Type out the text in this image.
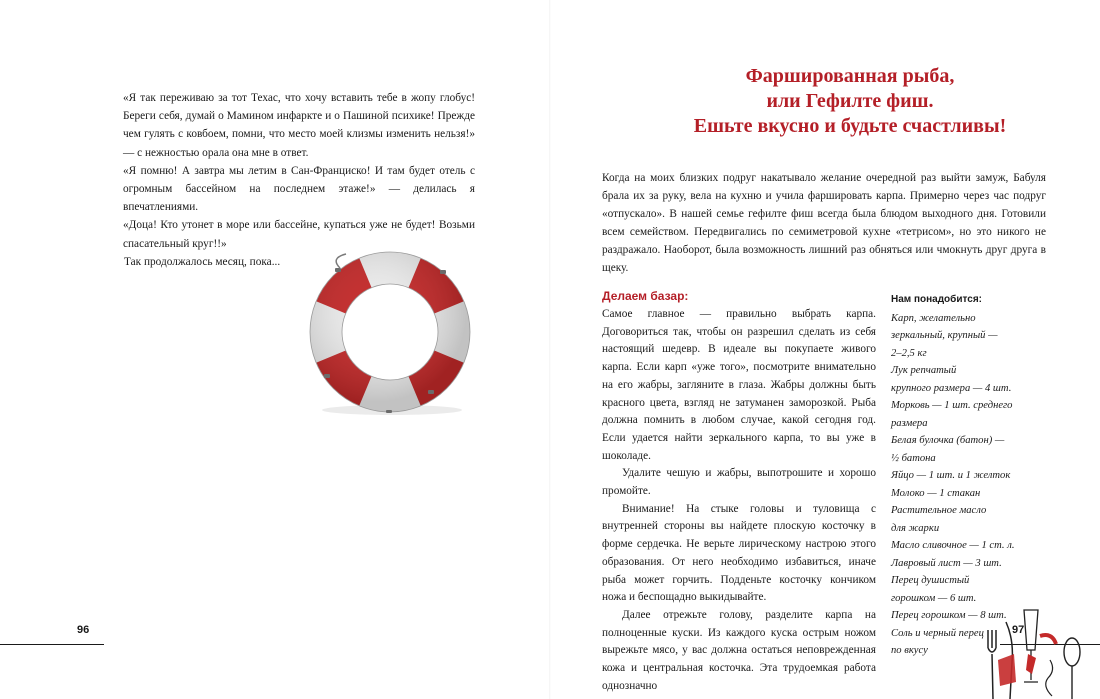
«Я так переживаю за тот Техас, что хочу вставить тебе в жопу глобус! Береги себя, думай о Мамином инфаркте и о Пашиной психике! Прежде чем гулять с ковбоем, помни, что место моей клизмы изменить нельзя!» — с нежностью орала она мне в ответ.

«Я помню! А завтра мы летим в Сан-Франциско! И там будет отель с огромным бассейном на последнем этаже!» — делилась я впечатлениями.

«Доца! Кто утонет в море или бассейне, купаться уже не будет! Возьми спасательный круг!!»

Так продолжалось месяц, пока...

96
Фаршированная рыба,
или Гефилте фиш.
Ешьте вкусно и будьте счастливы!

Когда на моих близких подруг накатывало желание очередной раз выйти замуж, Бабуля брала их за руку, вела на кухню и учила фаршировать карпа. Примерно через час подруг «отпускало». В нашей семье гефилте фиш всегда была блюдом выходного дня. Готовили всем семейством. Передвигались по семиметровой кухне «тетрисом», но это никого не раздражало. Наоборот, была возможность лишний раз обняться или чмокнуть друг друга в щеку.

Делаем базар:

Самое главное — правильно выбрать карпа. Договориться так, чтобы он разрешил сделать из себя настоящий шедевр. В идеале вы покупаете живого карпа. Если карп «уже того», посмотрите внимательно на его жабры, загляните в глаза. Жабры должны быть красного цвета, взгляд не затуманен заморозкой. Рыба должна помнить в любом случае, какой сегодня год. Если удается найти зеркального карпа, то вы уже в шоколаде.

Удалите чешую и жабры, выпотрошите и хорошо промойте.

Внимание! На стыке головы и туловища с внутренней стороны вы найдете плоскую косточку в форме сердечка. Не верьте лирическому настрою этого образования. От него необходимо избавиться, иначе рыба может горчить. Подденьте косточку кончиком ножа и беспощадно выкидывайте.

Далее отрежьте голову, разделите карпа на полноценные куски. Из каждого куска острым ножом вырежьте мясо, у вас должна остаться неповрежденная кожа и центральная косточка. Эта трудоемкая работа однозначно

Нам понадобится:
Карп, желательно
зеркальный, крупный —
2–2,5 кг
Лук репчатый
крупного размера — 4 шт.
Морковь — 1 шт. среднего
размера
Белая булочка (батон) —
½ батона
Яйцо — 1 шт. и 1 желток
Молоко — 1 стакан
Растительное масло
для жарки
Масло сливочное — 1 ст. л.
Лавровый лист — 3 шт.
Перец душистый
горошком — 6 шт.
Перец горошком — 8 шт.
Соль и черный перец
по вкусу
97
